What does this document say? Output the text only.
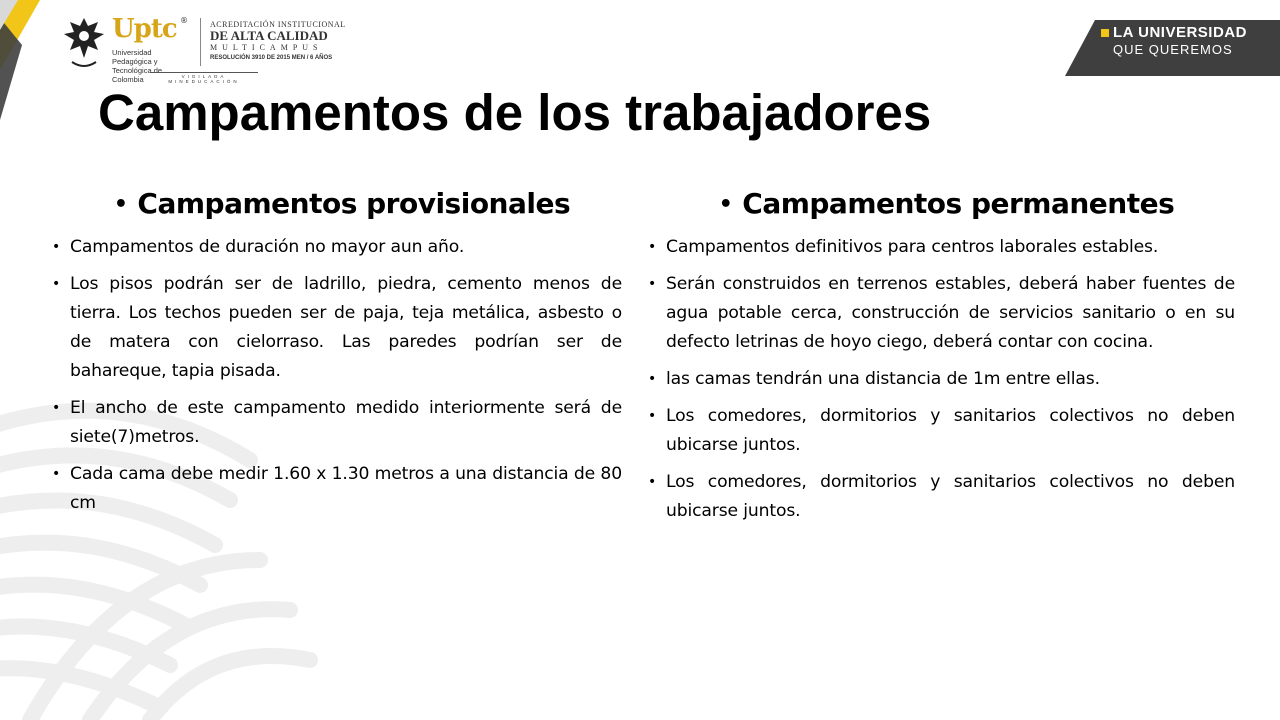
Uptc ®
Universidad Pedagógica y Tecnológica de Colombia
ACREDITACIÓN INSTITUCIONAL
DE ALTA CALIDAD
MULTICAMPUS
RESOLUCIÓN 3910 DE 2015 MEN / 6 AÑOS
VIGILADA MINEDUCACIÓN
LA UNIVERSIDAD
QUE QUEREMOS
Campamentos de los trabajadores
• Campamentos provisionales
• Campamentos de duración no mayor aun año.
• Los pisos podrán ser de ladrillo, piedra, cemento menos de tierra. Los techos pueden ser de paja, teja metálica, asbesto o de matera con cielorraso. Las paredes podrían ser de bahareque, tapia pisada.
• El ancho de este campamento medido interiormente será de siete(7)metros.
• Cada cama debe medir 1.60 x 1.30 metros a una distancia de 80 cm
• Campamentos permanentes
• Campamentos definitivos para centros laborales estables.
• Serán construidos en terrenos estables, deberá haber fuentes de agua potable cerca, construcción de servicios sanitario o en su defecto letrinas de hoyo ciego, deberá contar con cocina.
• las camas tendrán una distancia de 1m entre ellas.
• Los comedores, dormitorios y sanitarios colectivos no deben ubicarse juntos.
• Los comedores, dormitorios y sanitarios colectivos no deben ubicarse juntos.
